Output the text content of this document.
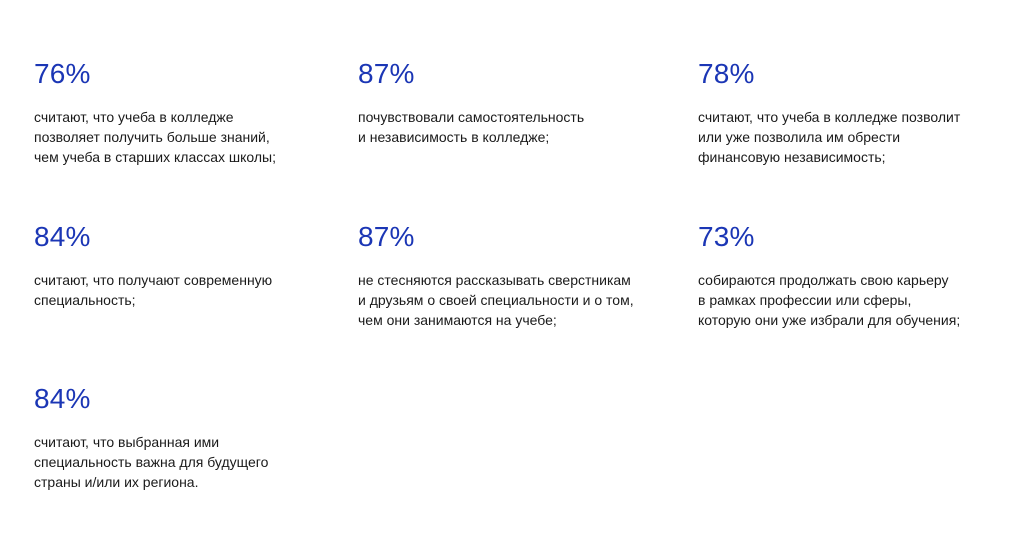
76%
считают, что учеба в колледже
позволяет получить больше знаний,
чем учеба в старших классах школы;
87%
почувствовали самостоятельность
и независимость в колледже;
78%
считают, что учеба в колледже позволит
или уже позволила им обрести
финансовую независимость;
84%
считают, что получают современную
специальность;
87%
не стесняются рассказывать сверстникам
и друзьям о своей специальности и о том,
чем они занимаются на учебе;
73%
собираются продолжать свою карьеру
в рамках профессии или сферы,
которую они уже избрали для обучения;
84%
считают, что выбранная ими
специальность важна для будущего
страны и/или их региона.
